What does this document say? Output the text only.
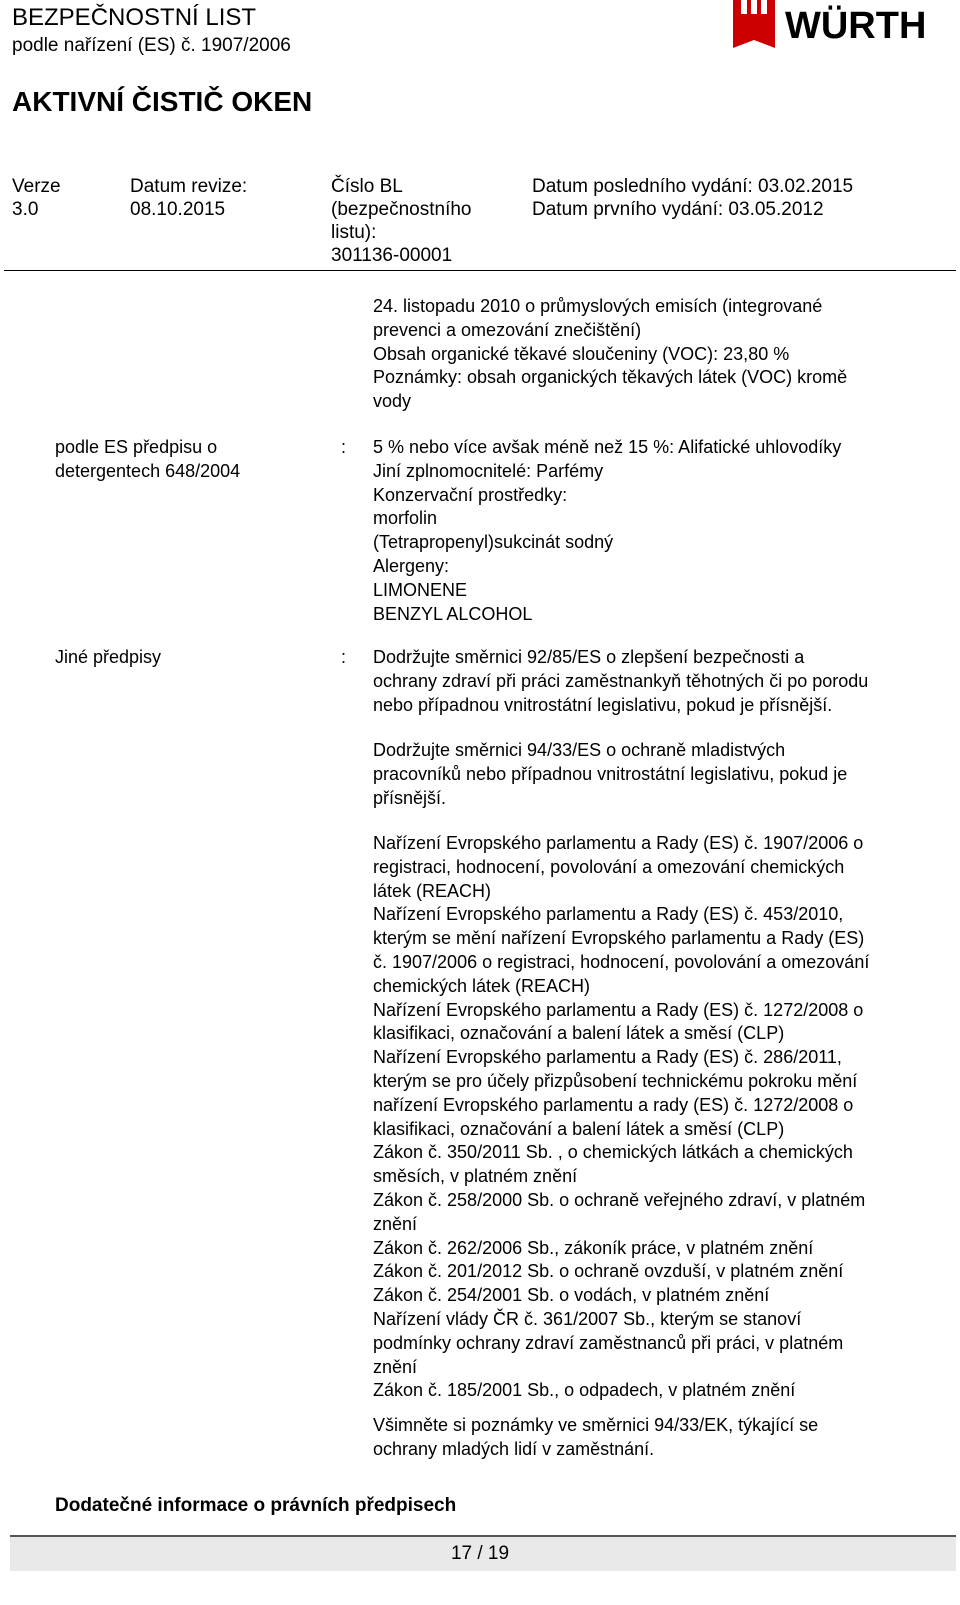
BEZPEČNOSTNÍ LIST
podle nařízení (ES) č. 1907/2006
AKTIVNÍ ČISTIČ OKEN
WÜRTH
Verze
3.0
Datum revize:
08.10.2015
Číslo BL
(bezpečnostního
listu):
301136-00001
Datum posledního vydání: 03.02.2015
Datum prvního vydání: 03.05.2012
24. listopadu 2010 o průmyslových emisích (integrované
prevenci a omezování znečištění)
Obsah organické těkavé sloučeniny (VOC): 23,80 %
Poznámky: obsah organických těkavých látek (VOC) kromě
vody
podle ES předpisu o
detergentech 648/2004
: 5 % nebo více avšak méně než 15 %: Alifatické uhlovodíky
Jiní zplnomocnitelé: Parfémy
Konzervační prostředky:
morfolin
(Tetrapropenyl)sukcinát sodný
Alergeny:
LIMONENE
BENZYL ALCOHOL
Jiné předpisy	: Dodržujte směrnici 92/85/ES o zlepšení bezpečnosti a
ochrany zdraví při práci zaměstnankyň těhotných či po porodu
nebo případnou vnitrostátní legislativu, pokud je přísnější.
Dodržujte směrnici 94/33/ES o ochraně mladistvých
pracovníků nebo případnou vnitrostátní legislativu, pokud je
přísnější.
Nařízení Evropského parlamentu a Rady (ES) č. 1907/2006 o
registraci, hodnocení, povolování a omezování chemických
látek (REACH)
Nařízení Evropského parlamentu a Rady (ES) č. 453/2010,
kterým se mění nařízení Evropského parlamentu a Rady (ES)
č. 1907/2006 o registraci, hodnocení, povolování a omezování
chemických látek (REACH)
Nařízení Evropského parlamentu a Rady (ES) č. 1272/2008 o
klasifikaci, označování a balení látek a směsí (CLP)
Nařízení Evropského parlamentu a Rady (ES) č. 286/2011,
kterým se pro účely přizpůsobení technickému pokroku mění
nařízení Evropského parlamentu a rady (ES) č. 1272/2008 o
klasifikaci, označování a balení látek a směsí (CLP)
Zákon č. 350/2011 Sb. , o chemických látkách a chemických
směsích, v platném znění
Zákon č. 258/2000 Sb. o ochraně veřejného zdraví, v platném
znění
Zákon č. 262/2006 Sb., zákoník práce, v platném znění
Zákon č. 201/2012 Sb. o ochraně ovzduší, v platném znění
Zákon č. 254/2001 Sb. o vodách, v platném znění
Nařízení vlády ČR č. 361/2007 Sb., kterým se stanoví
podmínky ochrany zdraví zaměstnanců při práci, v platném
znění
Zákon č. 185/2001 Sb., o odpadech, v platném znění
Všimněte si poznámky ve směrnici 94/33/EK, týkající se
ochrany mladých lidí v zaměstnání.
Dodatečné informace o právních předpisech
17 / 19
